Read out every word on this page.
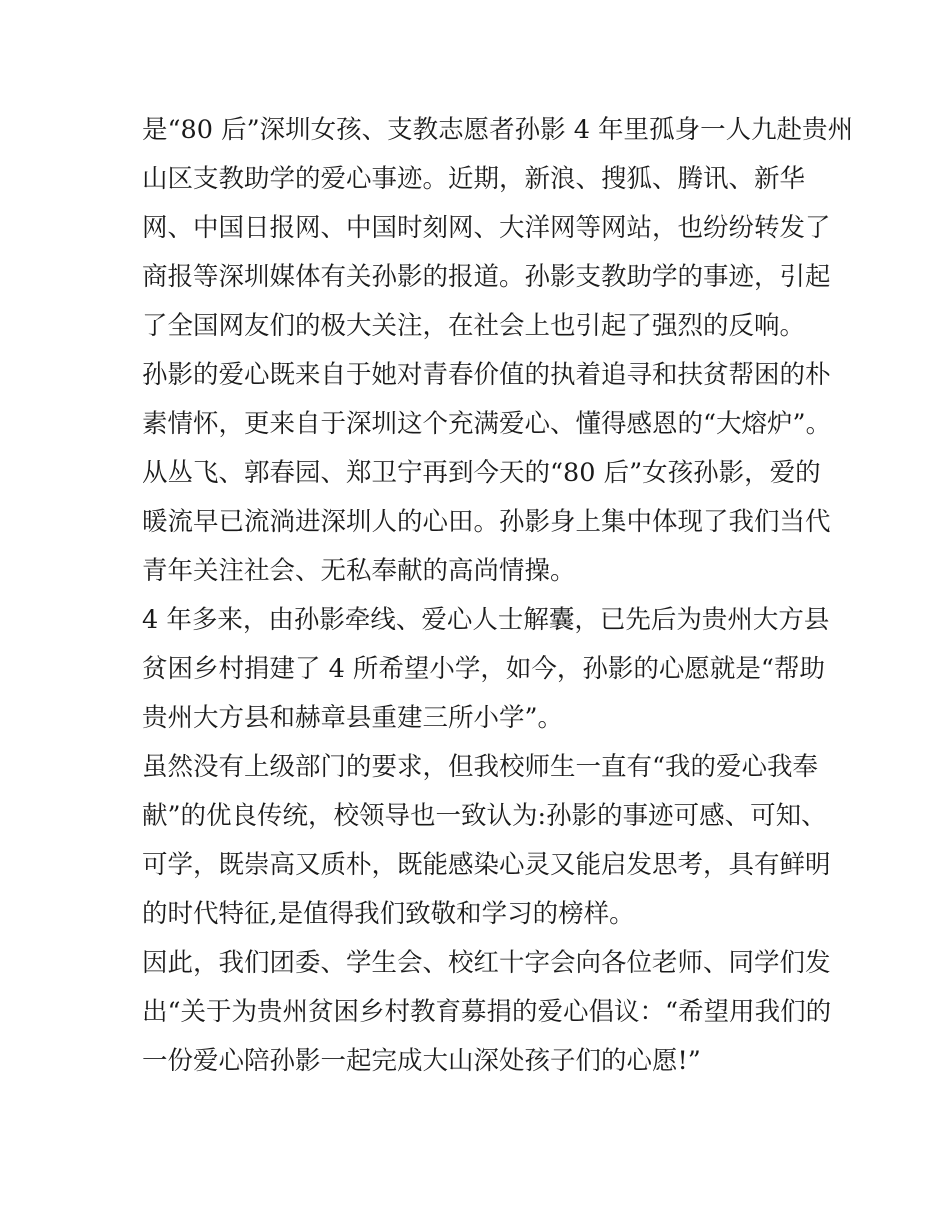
是“80 后”深圳女孩、支教志愿者孙影 4 年里孤身一人九赴贵州
山区支教助学的爱心事迹。近期，新浪、搜狐、腾讯、新华
网、中国日报网、中国时刻网、大洋网等网站，也纷纷转发了
商报等深圳媒体有关孙影的报道。孙影支教助学的事迹，引起
了全国网友们的极大关注，在社会上也引起了强烈的反响。
孙影的爱心既来自于她对青春价值的执着追寻和扶贫帮困的朴
素情怀，更来自于深圳这个充满爱心、懂得感恩的“大熔炉”。
从丛飞、郭春园、郑卫宁再到今天的“80 后”女孩孙影，爱的
暖流早已流淌进深圳人的心田。孙影身上集中体现了我们当代
青年关注社会、无私奉献的高尚情操。
4 年多来，由孙影牵线、爱心人士解囊，已先后为贵州大方县
贫困乡村捐建了 4 所希望小学，如今，孙影的心愿就是“帮助
贵州大方县和赫章县重建三所小学”。
虽然没有上级部门的要求，但我校师生一直有“我的爱心我奉
献”的优良传统，校领导也一致认为:孙影的事迹可感、可知、
可学，既崇高又质朴，既能感染心灵又能启发思考，具有鲜明
的时代特征,是值得我们致敬和学习的榜样。
因此，我们团委、学生会、校红十字会向各位老师、同学们发
出“关于为贵州贫困乡村教育募捐的爱心倡议：“希望用我们的
一份爱心陪孙影一起完成大山深处孩子们的心愿!”
